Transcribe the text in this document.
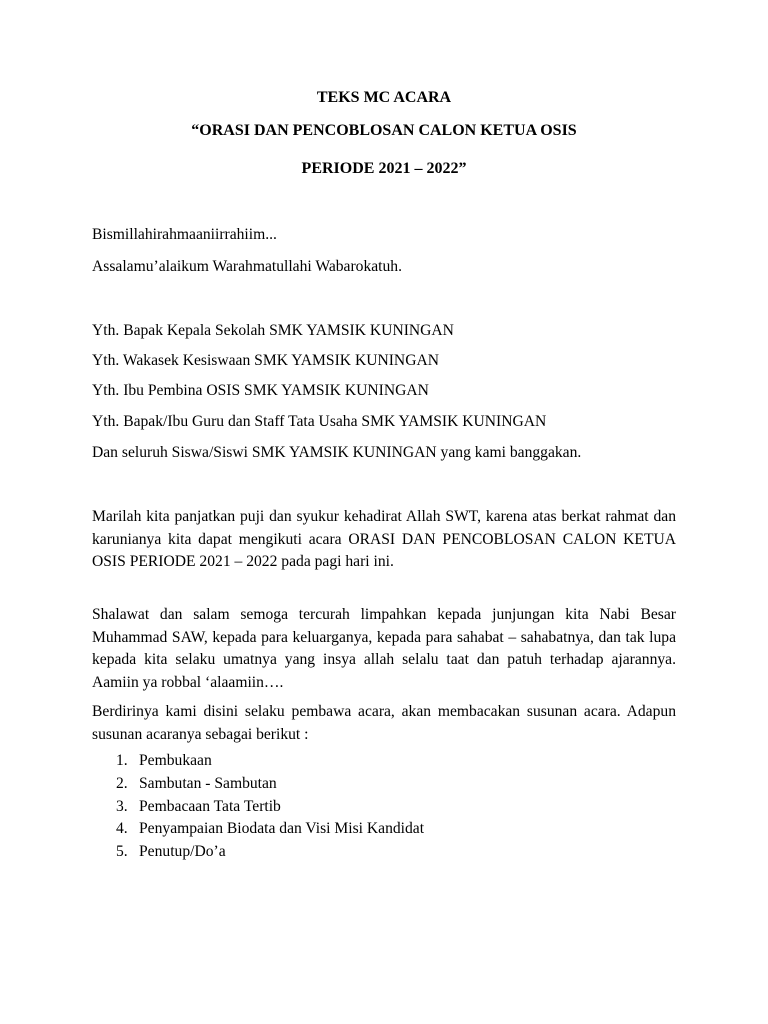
TEKS MC ACARA
“ORASI DAN PENCOBLOSAN CALON KETUA OSIS
PERIODE 2021 – 2022”
Bismillahirahmaaniirrahiim...
Assalamu’alaikum Warahmatullahi Wabarokatuh.
Yth. Bapak Kepala Sekolah SMK YAMSIK KUNINGAN
Yth. Wakasek Kesiswaan SMK YAMSIK KUNINGAN
Yth. Ibu Pembina OSIS SMK YAMSIK KUNINGAN
Yth. Bapak/Ibu Guru dan Staff Tata Usaha SMK YAMSIK KUNINGAN
Dan seluruh Siswa/Siswi SMK YAMSIK KUNINGAN yang kami banggakan.
Marilah kita panjatkan puji dan syukur kehadirat Allah SWT, karena atas berkat rahmat dan karunianya kita dapat mengikuti acara ORASI DAN PENCOBLOSAN CALON KETUA OSIS PERIODE 2021 – 2022 pada pagi hari ini.
Shalawat dan salam semoga tercurah limpahkan kepada junjungan kita Nabi Besar Muhammad SAW, kepada para keluarganya, kepada para sahabat – sahabatnya, dan tak lupa kepada kita selaku umatnya yang insya allah selalu taat dan patuh terhadap ajarannya. Aamiin ya robbal ‘alaamiin….
Berdirinya kami disini selaku pembawa acara, akan membacakan susunan acara. Adapun susunan acaranya sebagai berikut :
1. Pembukaan
2. Sambutan - Sambutan
3. Pembacaan Tata Tertib
4. Penyampaian Biodata dan Visi Misi Kandidat
5. Penutup/Do’a
